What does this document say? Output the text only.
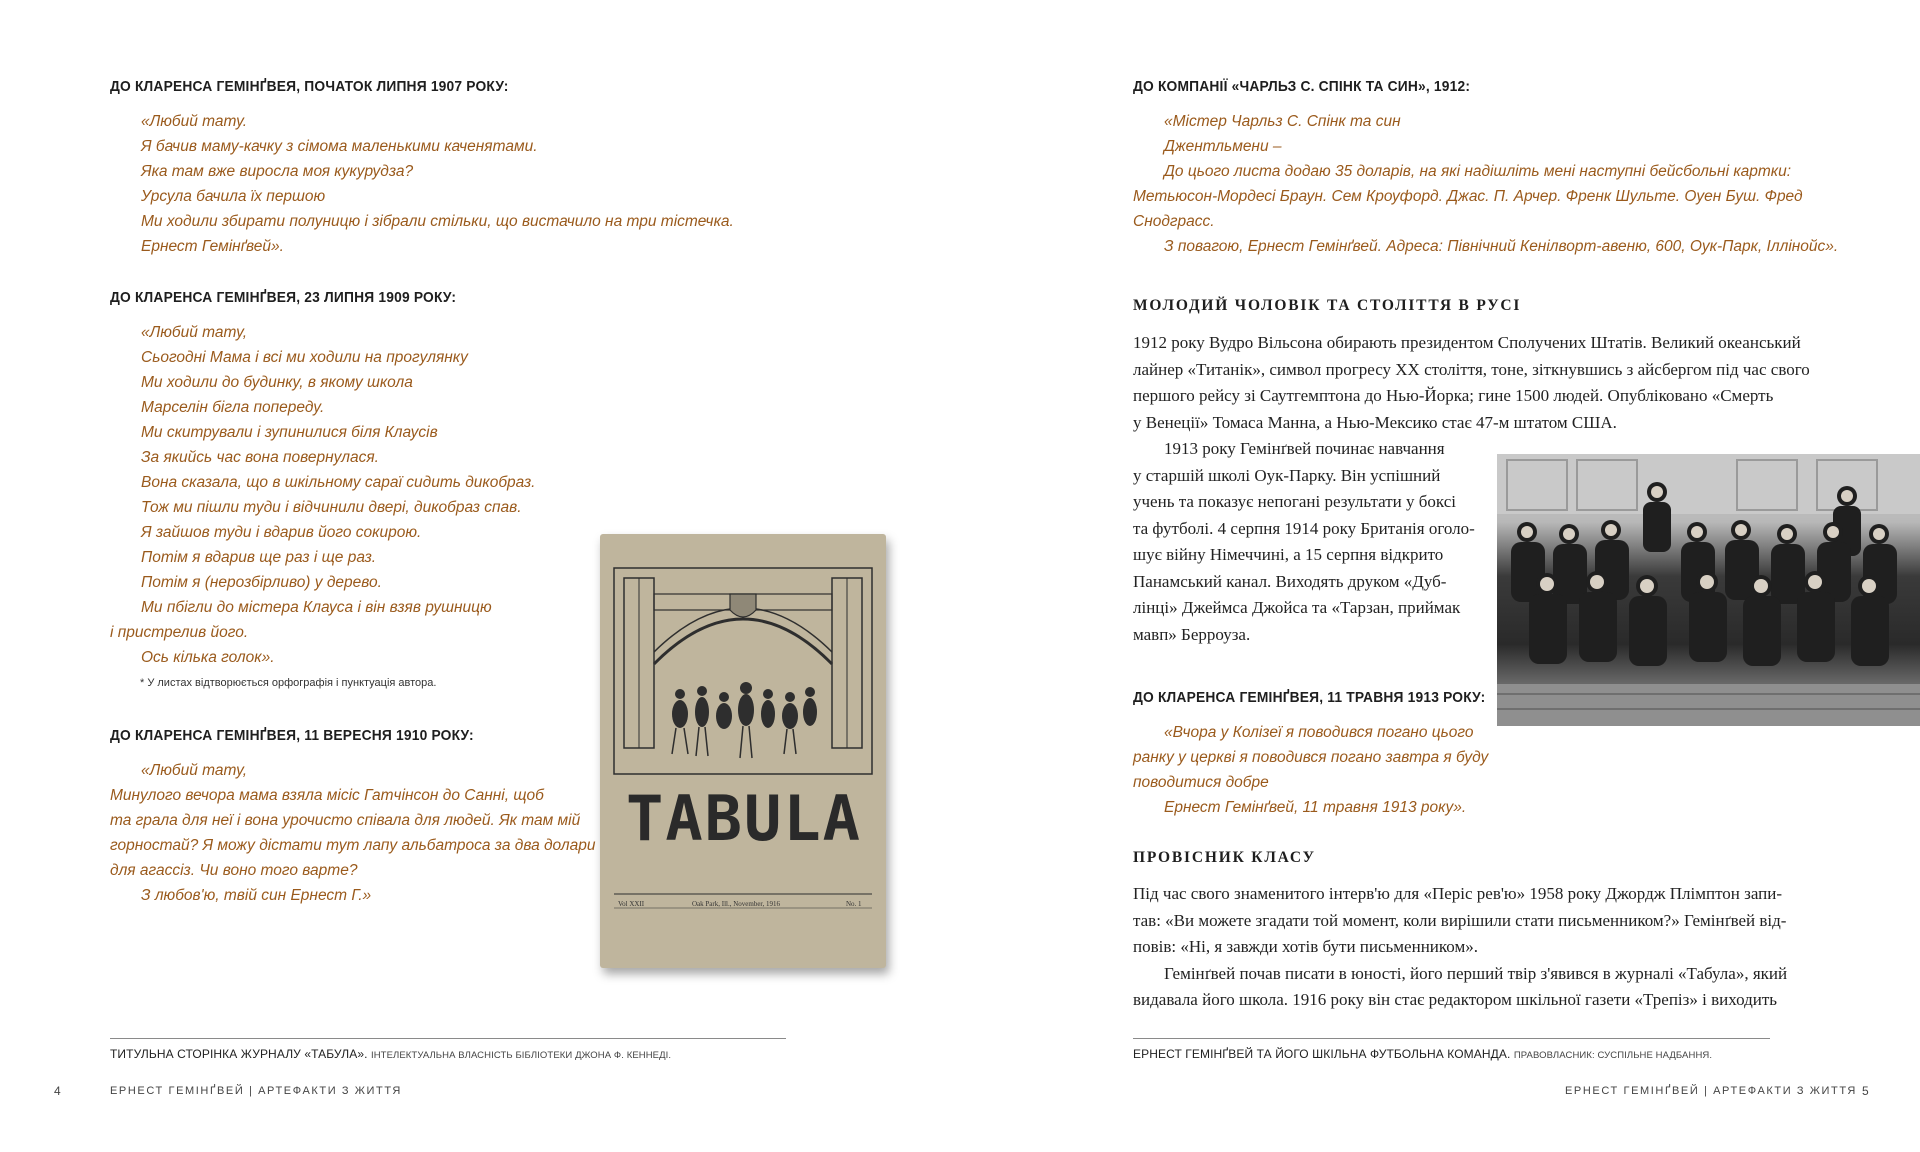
ДО КЛАРЕНСА ГЕМІНҐВЕЯ, ПОЧАТОК ЛИПНЯ 1907 РОКУ:
«Любий тату.
Я бачив маму-качку з сімома маленькими каченятами.
Яка там вже виросла моя кукурудза?
Урсула бачила їх першою
Ми ходили збирати полуницю і зібрали стільки, що вистачило на три тістечка.
Ернест Гемінґвей».
ДО КЛАРЕНСА ГЕМІНҐВЕЯ, 23 ЛИПНЯ 1909 РОКУ:
«Любий тату,
Сьогодні Мама і всі ми ходили на прогулянку
Ми ходили до будинку, в якому школа
Марселін бігла попереду.
Ми скитрували і зупинилися біля Клаусів
За якийсь час вона повернулася.
Вона сказала, що в шкільному сараї сидить дикобраз.
Тож ми пішли туди і відчинили двері, дикобраз спав.
Я зайшов туди і вдарив його сокирою.
Потім я вдарив ще раз і ще раз.
Потім я (нерозбірливо) у дерево.
Ми пбігли до містера Клауса і він взяв рушницю
і пристрелив його.
Ось кілька голок».
* У листах відтворюється орфографія і пунктуація автора.
ДО КЛАРЕНСА ГЕМІНҐВЕЯ, 11 ВЕРЕСНЯ 1910 РОКУ:
«Любий тату,
Минулого вечора мама взяла місіс Гатчінсон до Санні, щоб
та грала для неї і вона урочисто співала для людей. Як там мій
горностай? Я можу дістати тут лапу альбатроса за два долари
для агассіз. Чи воно того варте?
З любов'ю, твій син Ернест Г.»
TABULA
Vol XXII	Oak Park, Ill., November, 1916	No. 1
ТИТУЛЬНА СТОРІНКА ЖУРНАЛУ «ТАБУЛА». ІНТЕЛЕКТУАЛЬНА ВЛАСНІСТЬ БІБЛІОТЕКИ ДЖОНА Ф. КЕННЕДІ.
4	ЕРНЕСТ ГЕМІНҐВЕЙ | АРТЕФАКТИ З ЖИТТЯ
ДО КОМПАНІЇ «ЧАРЛЬЗ С. СПІНК ТА СИН», 1912:
«Містер Чарльз С. Спінк та син
Джентльмени –
До цього листа додаю 35 доларів, на які надішліть мені наступні бейсбольні картки:
Метьюсон-Мордесі Браун. Сем Кроуфорд. Джас. П. Арчер. Френк Шульте. Оуен Буш. Фред
Снодграсс.
З повагою, Ернест Гемінґвей. Адреса: Північний Кенілворт-авеню, 600, Оук-Парк, Іллінойс».
МОЛОДИЙ ЧОЛОВІК ТА СТОЛІТТЯ В РУСІ
1912 року Вудро Вільсона обирають президентом Сполучених Штатів. Великий океанський
лайнер «Титанік», символ прогресу ХХ століття, тоне, зіткнувшись з айсбергом під час свого
першого рейсу зі Саутгемптона до Нью-Йорка; гине 1500 людей. Опубліковано «Смерть
у Венеції» Томаса Манна, а Нью-Мексико стає 47-м штатом США.
1913 року Гемінґвей починає навчання
у старшій школі Оук-Парку. Він успішний
учень та показує непогані результати у боксі
та футболі. 4 серпня 1914 року Британія оголо-
шує війну Німеччині, а 15 серпня відкрито
Панамський канал. Виходять друком «Дуб-
лінці» Джеймса Джойса та «Тарзан, приймак
мавп» Берроуза.
ДО КЛАРЕНСА ГЕМІНҐВЕЯ, 11 ТРАВНЯ 1913 РОКУ:
«Вчора у Колізеї я поводився погано цього
ранку у церкві я поводився погано завтра я буду
поводитися добре
Ернест Гемінґвей, 11 травня 1913 року».
ПРОВІСНИК КЛАСУ
Під час свого знаменитого інтерв'ю для «Періс рев'ю» 1958 року Джордж Плімптон запи-
тав: «Ви можете згадати той момент, коли вирішили стати письменником?» Гемінґвей від-
повів: «Ні, я завжди хотів бути письменником».
Гемінґвей почав писати в юності, його перший твір з'явився в журналі «Табула», який
видавала його школа. 1916 року він стає редактором шкільної газети «Трепіз» і виходить
ЕРНЕСТ ГЕМІНҐВЕЙ ТА ЙОГО ШКІЛЬНА ФУТБОЛЬНА КОМАНДА. ПРАВОВЛАСНИК: СУСПІЛЬНЕ НАДБАННЯ.
ЕРНЕСТ ГЕМІНҐВЕЙ | АРТЕФАКТИ З ЖИТТЯ 5
